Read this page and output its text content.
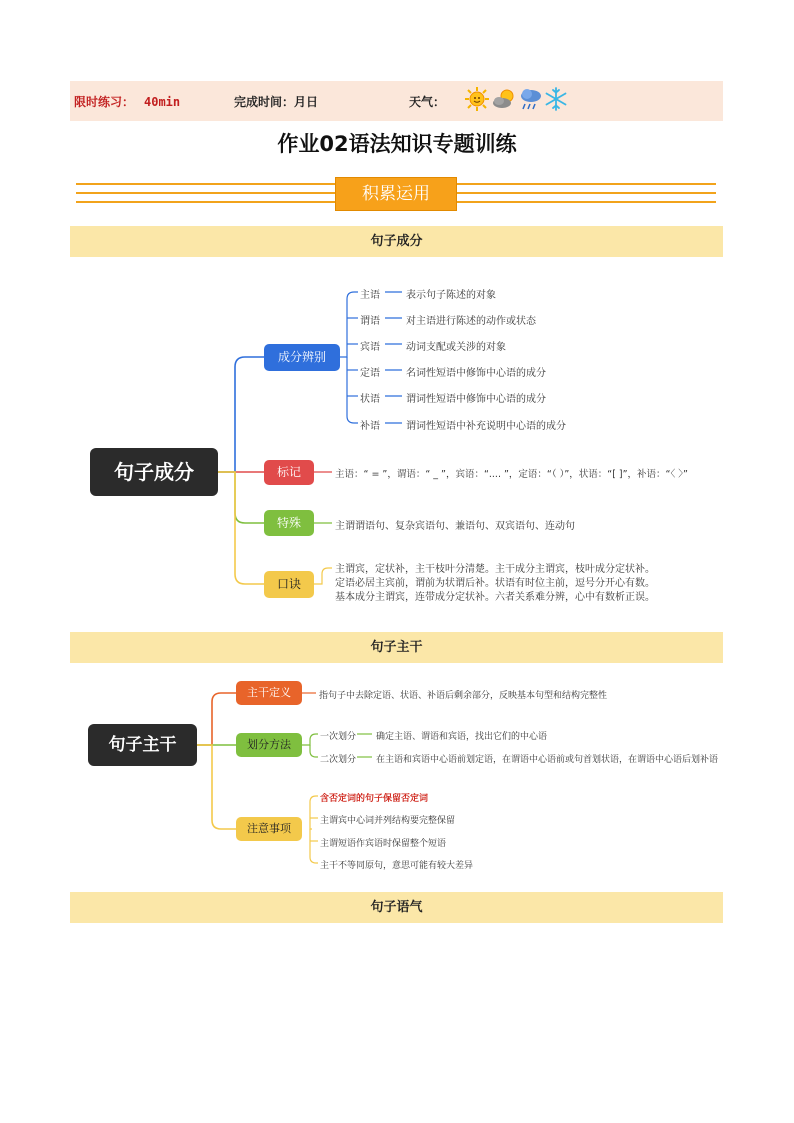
限时练习： 40min	完成时间：月日	天气：
作业02语法知识专题训练
积累运用
句子成分
句子主干
句子语气
句子成分
成分辨别
标记
特殊
口诀
主语	表示句子陈述的对象
谓语	对主语进行陈述的动作或状态
宾语	动词支配或关涉的对象
定语	名词性短语中修饰中心语的成分
状语	谓词性短语中修饰中心语的成分
补语	谓词性短语中补充说明中心语的成分
主语：“ = ”，谓语：“ _ ”，宾语：“.... ”，定语：“（ ）”，状语：“[ ]”，补语：“〈 〉”
主谓谓语句、复杂宾语句、兼语句、双宾语句、连动句
主谓宾，定状补，主干枝叶分清楚。主干成分主谓宾，枝叶成分定状补。
定语必居主宾前，谓前为状谓后补。状语有时位主前，逗号分开心有数。
基本成分主谓宾，连带成分定状补。六者关系难分辨，心中有数析正误。
句子主干
主干定义
划分方法
注意事项
指句子中去除定语、状语、补语后剩余部分，反映基本句型和结构完整性
一次划分 确定主语、谓语和宾语，找出它们的中心语
二次划分 在主语和宾语中心语前划定语，在谓语中心语前或句首划状语，在谓语中心语后划补语
含否定词的句子保留否定词
主谓宾中心词并列结构要完整保留
主谓短语作宾语时保留整个短语
主干不等同原句，意思可能有较大差异
